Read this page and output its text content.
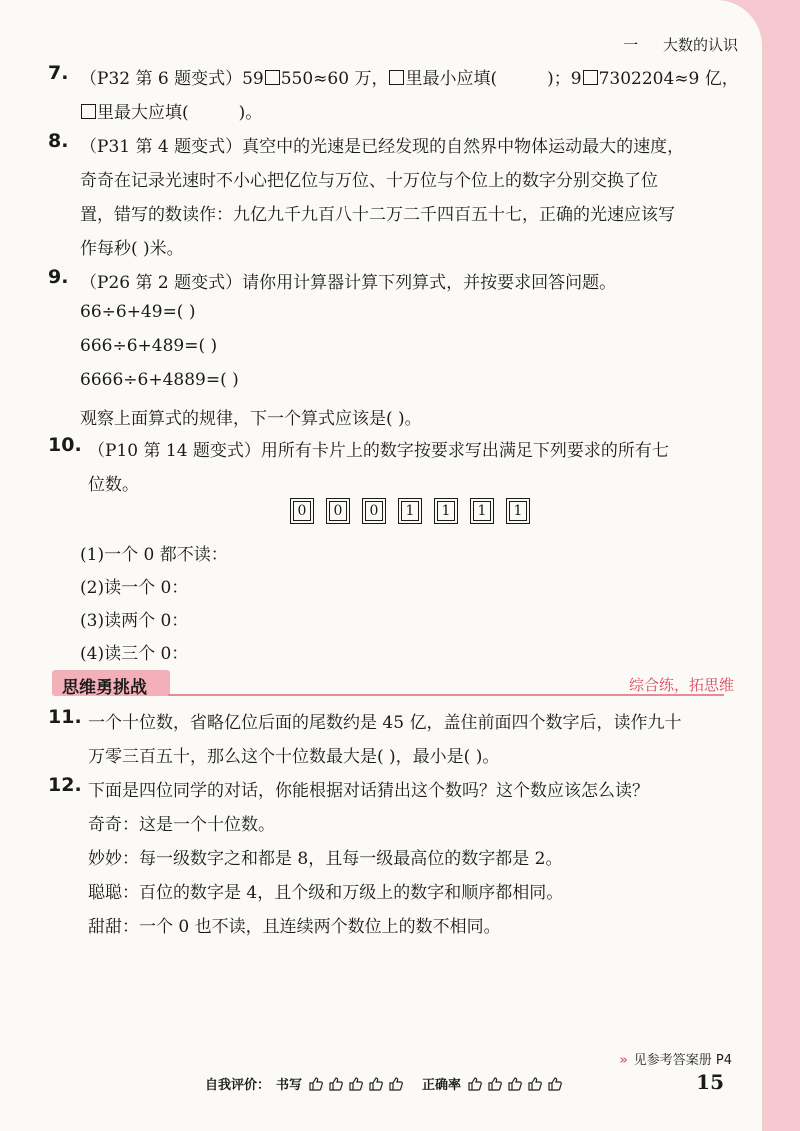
一 大数的认识
7. （P32 第 6 题变式）59 550≈60 万， 里最小应填(	)；9 7302204≈9 亿，
里最大应填(	)。
8. （P31 第 4 题变式）真空中的光速是已经发现的自然界中物体运动最大的速度，
奇奇在记录光速时不小心把亿位与万位、十万位与个位上的数字分别交换了位
置，错写的数读作：九亿九千九百八十二万二千四百五十七，正确的光速应该写
作每秒( )米。
9. （P26 第 2 题变式）请你用计算器计算下列算式，并按要求回答问题。
66÷6+49=( )
666÷6+489=( )
6666÷6+4889=( )
观察上面算式的规律，下一个算式应该是( )。
10. （P10 第 14 题变式）用所有卡片上的数字按要求写出满足下列要求的所有七
位数。
0	0	0	1	1	1	1
(1)一个 0 都不读：
(2)读一个 0：
(3)读两个 0：
(4)读三个 0：
思维勇挑战	综合练，拓思维
11. 一个十位数，省略亿位后面的尾数约是 45 亿，盖住前面四个数字后，读作九十
万零三百五十，那么这个十位数最大是( )，最小是( )。
12. 下面是四位同学的对话，你能根据对话猜出这个数吗？这个数应该怎么读？
奇奇：这是一个十位数。
妙妙：每一级数字之和都是 8，且每一级最高位的数字都是 2。
聪聪：百位的数字是 4，且个级和万级上的数字和顺序都相同。
甜甜：一个 0 也不读，且连续两个数位上的数不相同。
» 见参考答案册 P4
自我评价： 书写	正确率	15
